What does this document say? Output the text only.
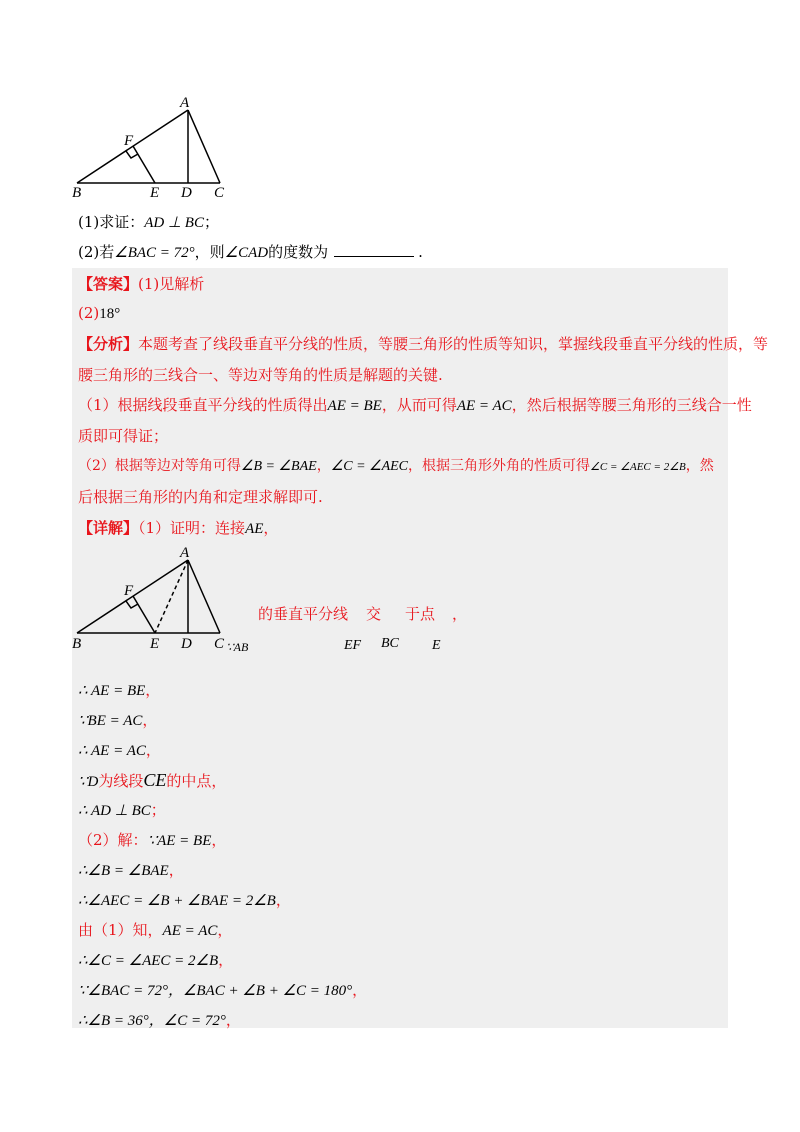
A
F
B	E D C
(1)求证：AD ⊥ BC；
(2)若∠BAC = 72°，则∠CAD的度数为	.
【答案】(1)见解析
(2)18°
【分析】本题考查了线段垂直平分线的性质，等腰三角形的性质等知识，掌握线段垂直平分线的性质，等
腰三角形的三线合一、等边对等角的性质是解题的关键.
（1）根据线段垂直平分线的性质得出AE = BE，从而可得AE = AC，然后根据等腰三角形的三线合一性
质即可得证；
（2）根据等边对等角可得∠B = ∠BAE，∠C = ∠AEC，根据三角形外角的性质可得∠C = ∠AEC = 2∠B，然
后根据三角形的内角和定理求解即可.
【详解】（1）证明：连接AE，
A
F
B	E D C ∵AB
的垂直平分线 交 于点 ，
EF BC E
∴ AE = BE，
∵BE = AC，
∴ AE = AC，
∵D为线段CE的中点，
∴ AD ⊥ BC；
（2）解：∵AE = BE，
∴∠B = ∠BAE，
∴∠AEC = ∠B + ∠BAE = 2∠B，
由（1）知，AE = AC，
∴∠C = ∠AEC = 2∠B，
∵∠BAC = 72°，∠BAC + ∠B + ∠C = 180°，
∴∠B = 36°，∠C = 72°，
